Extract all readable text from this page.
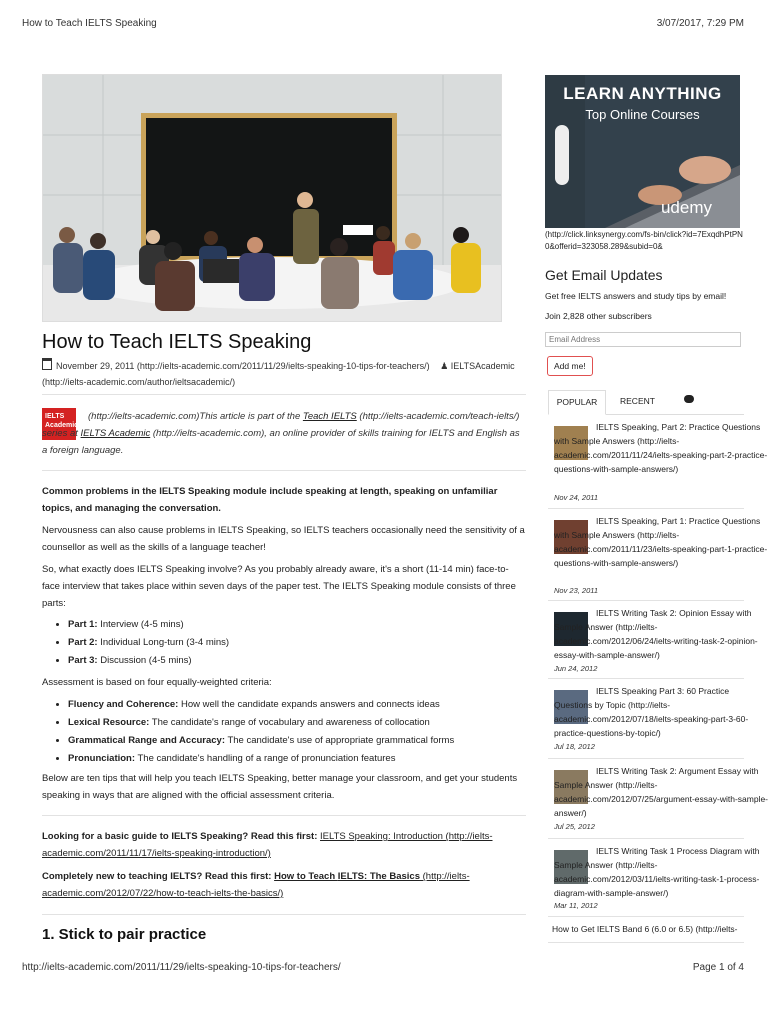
How to Teach IELTS Speaking	3/07/2017, 7:29 PM
How to Teach IELTS Speaking
November 29, 2011 (http://ielts-academic.com/2011/11/29/ielts-speaking-10-tips-for-teachers/) ♟ IELTSAcademic
(http://ielts-academic.com/author/ieltsacademic/)
IELTS
Academic
(http://ielts-academic.com)This article is part of the Teach IELTS (http://ielts-academic.com/teach-ielts/) series at IELTS Academic (http://ielts-academic.com), an online provider of skills training for IELTS and English as a foreign language.
Common problems in the IELTS Speaking module include speaking at length, speaking on unfamiliar topics, and managing the conversation.
Nervousness can also cause problems in IELTS Speaking, so IELTS teachers occasionally need the sensitivity of a counsellor as well as the skills of a language teacher!
So, what exactly does IELTS Speaking involve? As you probably already aware, it's a short (11-14 min) face-to-face interview that takes place within seven days of the paper test. The IELTS Speaking module consists of three parts:
• Part 1: Interview (4-5 mins)
• Part 2: Individual Long-turn (3-4 mins)
• Part 3: Discussion (4-5 mins)
Assessment is based on four equally-weighted criteria:
• Fluency and Coherence: How well the candidate expands answers and connects ideas
• Lexical Resource: The candidate's range of vocabulary and awareness of collocation
• Grammatical Range and Accuracy: The candidate's use of appropriate grammatical forms
• Pronunciation: The candidate's handling of a range of pronunciation features
Below are ten tips that will help you teach IELTS Speaking, better manage your classroom, and get your students speaking in ways that are aligned with the official assessment criteria.
Looking for a basic guide to IELTS Speaking? Read this first: IELTS Speaking: Introduction (http://ielts-academic.com/2011/11/17/ielts-speaking-introduction/)
Completely new to teaching IELTS? Read this first: How to Teach IELTS: The Basics (http://ielts-academic.com/2012/07/22/how-to-teach-ielts-the-basics/)
1. Stick to pair practice
LEARN ANYTHING
Top Online Courses
udemy
(http://click.linksynergy.com/fs-bin/click?id=7ExqdhPtPN0&offerid=323058.289&subid=0&
Get Email Updates
Get free IELTS answers and study tips by email!
Join 2,828 other subscribers
Email Address
Add me!
POPULAR	RECENT
IELTS Speaking, Part 2: Practice Questions with Sample Answers (http://ielts-academic.com/2011/11/24/ielts-speaking-part-2-practice-questions-with-sample-answers/)
Nov 24, 2011
IELTS Speaking, Part 1: Practice Questions with Sample Answers (http://ielts-academic.com/2011/11/23/ielts-speaking-part-1-practice-questions-with-sample-answers/)
Nov 23, 2011
IELTS Writing Task 2: Opinion Essay with Sample Answer (http://ielts-academic.com/2012/06/24/ielts-writing-task-2-opinion-essay-with-sample-answer/)
Jun 24, 2012
IELTS Speaking Part 3: 60 Practice Questions by Topic (http://ielts-academic.com/2012/07/18/ielts-speaking-part-3-60-practice-questions-by-topic/)
Jul 18, 2012
IELTS Writing Task 2: Argument Essay with Sample Answer (http://ielts-academic.com/2012/07/25/argument-essay-with-sample-answer/)
Jul 25, 2012
IELTS Writing Task 1 Process Diagram with Sample Answer (http://ielts-academic.com/2012/03/11/ielts-writing-task-1-process-diagram-with-sample-answer/)
Mar 11, 2012
How to Get IELTS Band 6 (6.0 or 6.5) (http://ielts-
http://ielts-academic.com/2011/11/29/ielts-speaking-10-tips-for-teachers/	Page 1 of 4
